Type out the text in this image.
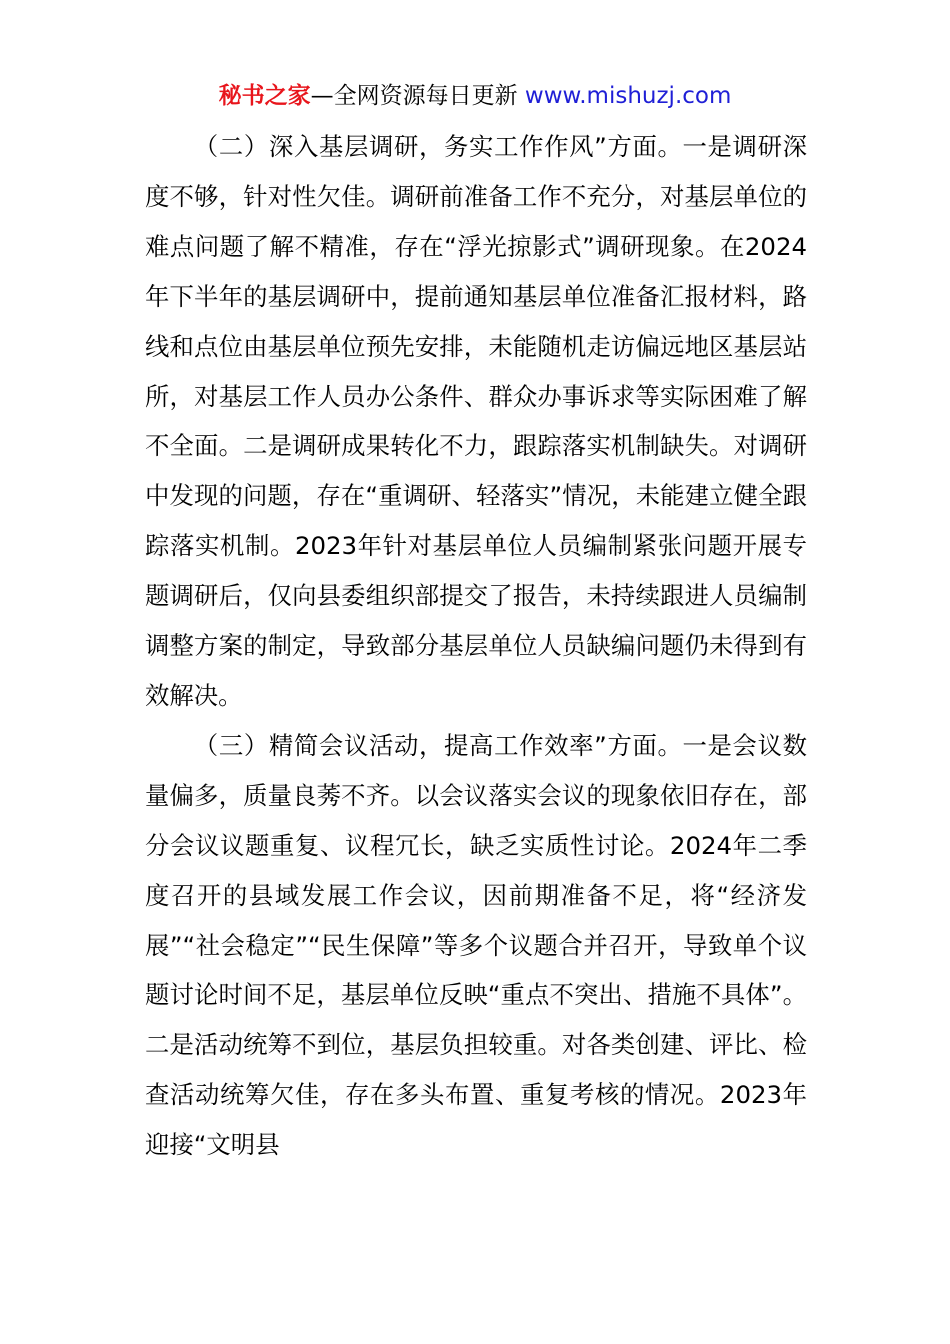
秘书之家—全网资源每日更新 www.mishuzj.com

（二）深入基层调研，务实工作作风”方面。一是调研深度不够，针对性欠佳。调研前准备工作不充分，对基层单位的难点问题了解不精准，存在“浮光掠影式”调研现象。在2024年下半年的基层调研中，提前通知基层单位准备汇报材料，路线和点位由基层单位预先安排，未能随机走访偏远地区基层站所，对基层工作人员办公条件、群众办事诉求等实际困难了解不全面。二是调研成果转化不力，跟踪落实机制缺失。对调研中发现的问题，存在“重调研、轻落实”情况，未能建立健全跟踪落实机制。2023年针对基层单位人员编制紧张问题开展专题调研后，仅向县委组织部提交了报告，未持续跟进人员编制调整方案的制定，导致部分基层单位人员缺编问题仍未得到有效解决。

（三）精简会议活动，提高工作效率”方面。一是会议数量偏多，质量良莠不齐。以会议落实会议的现象依旧存在，部分会议议题重复、议程冗长，缺乏实质性讨论。2024年二季度召开的县域发展工作会议，因前期准备不足，将“经济发展”“社会稳定”“民生保障”等多个议题合并召开，导致单个议题讨论时间不足，基层单位反映“重点不突出、措施不具体”。二是活动统筹不到位，基层负担较重。对各类创建、评比、检查活动统筹欠佳，存在多头布置、重复考核的情况。2023年迎接“文明县
